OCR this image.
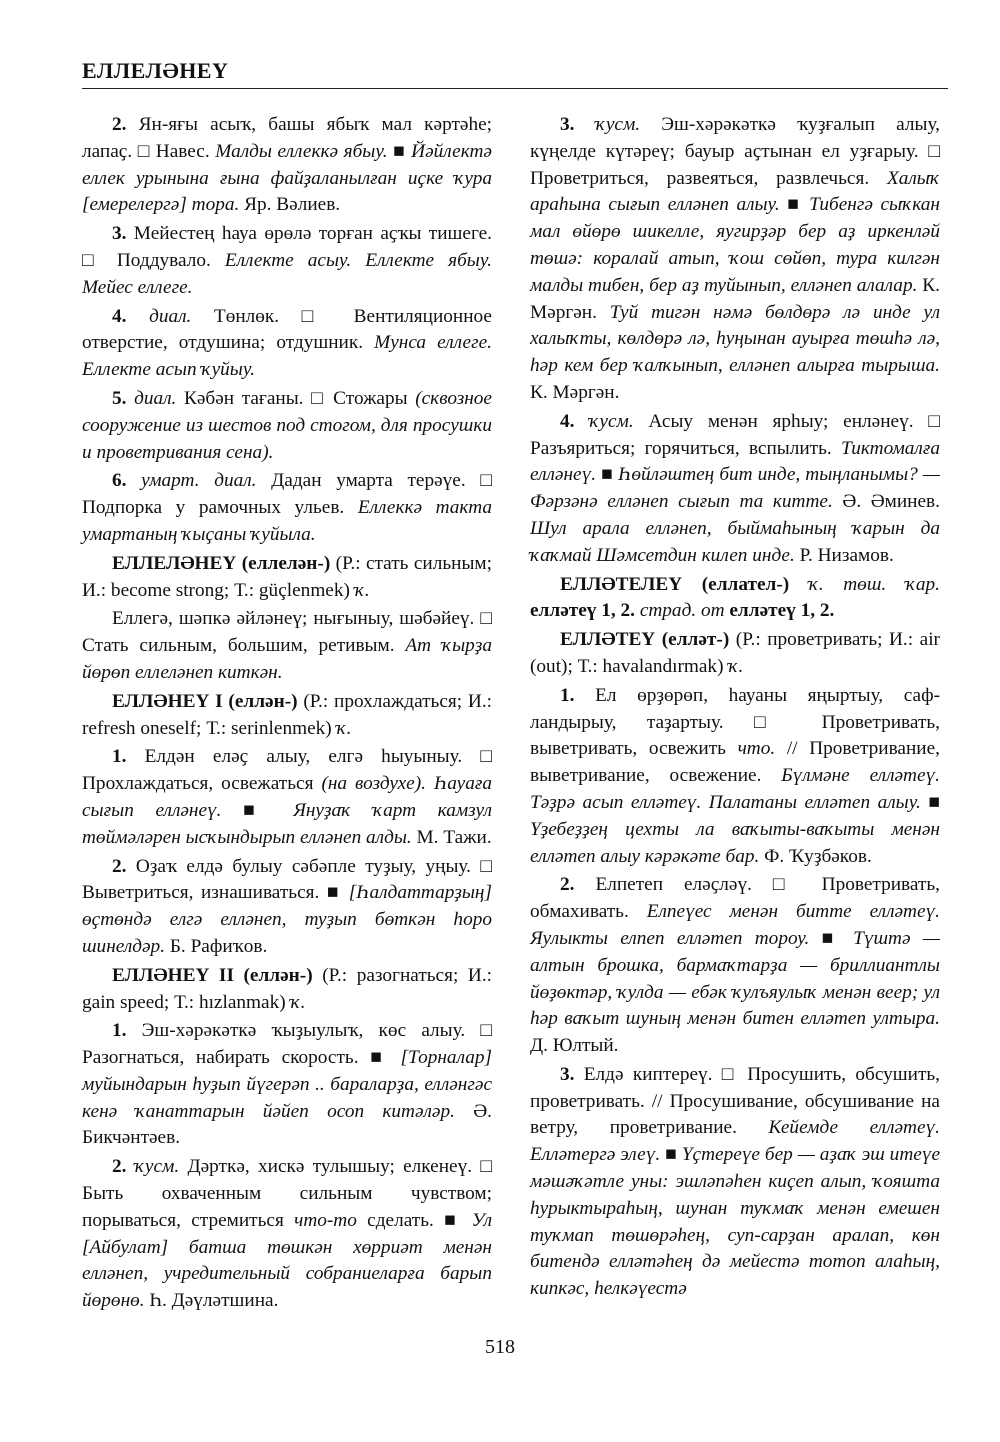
ЕЛЛЕЛӘНЕҮ

2. Ян-яғы асыҡ, башы ябыҡ мал кәртәһе; лапаҫ. □ Навес. Малды еллеккә ябыу. ■ Йәйлектә еллек урынына ғына файҙаланылған иҫке ҡура [емерелергә] тора. Яр. Вәлиев.

3. Мейестең һауа өрөлә торған аҫҡы тишеге. □ Поддувало. Еллекте асыу. Еллекте ябыу. Мейес еллеге.

4. диал. Төнлөк. □ Вентиляционное отверстие, отдушина; отдушник. Мунса еллеге. Еллекте асып ҡуйыу.

5. диал. Кәбән тағаны. □ Стожары (сквозное сооружение из шестов под стогом, для просушки и проветривания сена).

6. умарт. диал. Дадан умарта терәүе. □ Подпорка у рамочных ульев. Еллеккә такта умартаның ҡыҫаны ҡуйыла.

ЕЛЛЕЛӘНЕҮ (еллелән-) (Р.: стать сильным; И.: become strong; Т.: güçlenmek) ҡ.

Еллегә, шәпкә әйләнеү; нығыныу, шәбәйеү. □ Стать сильным, большим, ретивым. Ат ҡырҙа йөрөп еллеләнеп киткән.

ЕЛЛӘНЕҮ I (еллән-) (Р.: прохлаждаться; И.: refresh oneself; Т.: serinlenmek) ҡ.

1. Елдән еләҫ алыу, елгә һыуыныу. □ Прохлаждаться, освежаться (на воздухе). Һауаға сығып елләнеү. ■ Януҙаҡ ҡарт камзул төймәләрен ысҡындырып елләнеп алды. М. Тажи.

2. Оҙаҡ елдә булыу сәбәпле туҙыу, уңыу. □ Выветриться, изнашиваться. ■ [Һалдаттарҙың] өҫтөндә елгә елләнеп, туҙып бөткән һоро шинелдәр. Б. Рафиҡов.

ЕЛЛӘНЕҮ II (еллән-) (Р.: разогнаться; И.: gain speed; Т.: hızlanmak) ҡ.

1. Эш-хәрәкәткә ҡыҙыулыҡ, көс алыу. □ Разогнаться, набирать скорость. ■ [Торналар] муйындарын һуҙып йүгерәп .. бараларҙа, елләнгәс кенә ҡанаттарын йәйеп осоп китәләр. Ә. Бикчәнтәев.

2. ҡусм. Дәрткә, хискә тулышыу; елкенеү. □ Быть охваченным сильным чувством; порываться, стремиться что-то сделать. ■ Ул [Айбулат] батша төшкән хөрриәт менән елләнеп, учредительный собраниеларға барып йөрөнө. Һ. Дәүләтшина.

3. ҡусм. Эш-хәрәкәткә ҡуҙғалып алыу, күңелде күтәреү; бауыр аҫтынан ел уҙғарыу. □ Проветриться, развеяться, развлечься. Халыҡ араһына сығып елләнеп алыу. ■ Тибенгә сыҡкан мал өйөрө шикелле, яугирҙәр бер аҙ иркенләй төшә: коралай атып, ҡош сөйөп, тура килгән малды тибен, бер аҙ туйынып, елләнеп алалар. К. Мәргән. Туй тигән нәмә бөлдөрә лә инде ул халыҡты, көлдөрә лә, һуңынан ауырға төшһә лә, һәр кем бер ҡалҡынып, елләнеп алырға тырыша. К. Мәргән.

4. ҡусм. Асыу менән ярһыу; енләнеү. □ Разъяриться; горячиться, вспылить. Тиктомалға елләнеү. ■ Һөйләштең бит инде, тыңланымы? — Фәрзәнә елләнеп сығып та китте. Ә. Әминев. Шул арала елләнеп, быймаһының ҡарын да ҡаҡмай Шәмсетдин килеп инде. Р. Низамов.

ЕЛЛӘТЕЛЕҮ (еллател-) ҡ. төш. ҡар. елләтеү 1, 2. страд. от елләтеү 1, 2.

ЕЛЛӘТЕҮ (елләт-) (Р.: проветривать; И.: air (out); Т.: havalandırmak) ҡ.

1. Ел өрҙөрөп, һауаны яңыртыу, сафландырыу, таҙартыу. □ Проветривать, выветривать, освежить что. // Проветривание, выветривание, освежение. Бүлмәне елләтеү. Тәҙрә асып елләтеү. Палатаны елләтеп алыу. ■ Үҙебеҙҙең цехты ла ваҡыты-ваҡыты менән елләтеп алыу кәрәкәте бар. Ф. Ҡуҙбәков.

2. Елпетеп еләҫләү. □ Проветривать, обмахивать. Елпеүес менән битте елләтеү. Яулыкты елпеп елләтеп тороу. ■ Түштә — алтын брошка, бармаҡтарҙа — бриллиантлы йөҙөктәр, ҡулда — ебәк ҡулъяулыҡ менән веер; ул һәр ваҡыт шуның менән битен елләтеп ултыра. Д. Юлтый.

3. Елдә киптереү. □ Просушить, обсушить, проветривать. // Просушивание, обсушивание на ветру, проветривание. Кейемде елләтеү. Елләтергә элеү. ■ Үҫтереүе бер — аҙаҡ эш итеүе мәшәҡәтле уны: эшләпәһен киҫеп алып, ҡояшта һурыктыраһың, шунан туҡмаҡ менән емешен туҡмап төшөрәһең, суп-сарҙан аралап, көн битендә елләтәһең дә мейестә тотоп алаһың, кипкәс, һелкәүестә

518
